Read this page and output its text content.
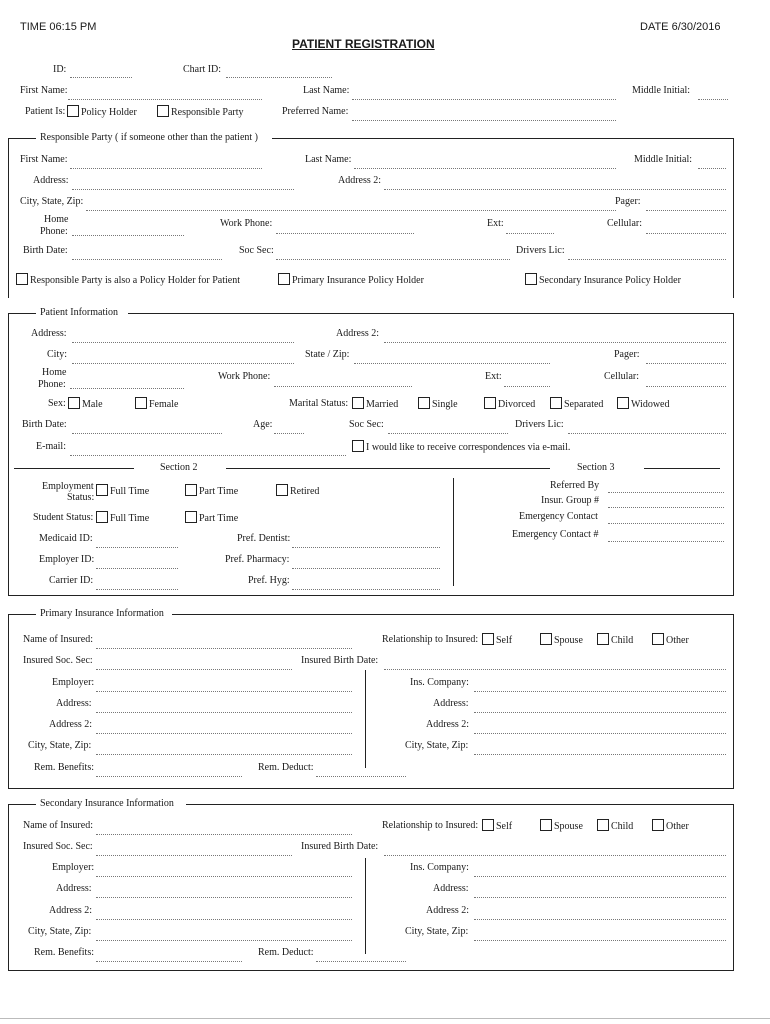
TIME 06:15 PM	DATE 6/30/2016
PATIENT REGISTRATION
ID:	Chart ID:
First Name:	Last Name:	Middle Initial:
Patient Is:	Policy Holder	Responsible Party	Preferred Name:
Responsible Party ( if someone other than the patient )
First Name:	Last Name:	Middle Initial:
Address:	Address 2:
City, State, Zip:	Pager:
Home
Phone:
Work Phone:	Ext:	Cellular:
Birth Date:	Soc Sec:	Drivers Lic:
Responsible Party is also a Policy Holder for Patient	Primary Insurance Policy Holder	Secondary Insurance Policy Holder
Patient Information
Address:	Address 2:
City:	State / Zip:	Pager:
Home
Phone:
Work Phone:	Ext:	Cellular:
Sex:	Male	Female	Marital Status:	Married	Single	Divorced	Separated	Widowed
Birth Date:	Age:	Soc Sec:	Drivers Lic:
E-mail:	I would like to receive correspondences via e-mail.
Section 2	Section 3
Employment
Status:
Full Time	Part Time	Retired
Student Status:	Full Time	Part Time
Medicaid ID:	Pref. Dentist:
Employer ID:	Pref. Pharmacy:
Carrier ID:	Pref. Hyg:
Referred By
Insur. Group #
Emergency Contact
Emergency Contact #
Primary Insurance Information
Name of Insured:	Relationship to Insured:	Self	Spouse	Child	Other
Insured Soc. Sec:	Insured Birth Date:
Employer:	Ins. Company:
Address:	Address:
Address 2:	Address 2:
City, State, Zip:	City, State, Zip:
Rem. Benefits:	Rem. Deduct:
Secondary Insurance Information
Name of Insured:	Relationship to Insured:	Self	Spouse	Child	Other
Insured Soc. Sec:	Insured Birth Date:
Employer:	Ins. Company:
Address:	Address:
Address 2:	Address 2:
City, State, Zip:	City, State, Zip:
Rem. Benefits:	Rem. Deduct:
